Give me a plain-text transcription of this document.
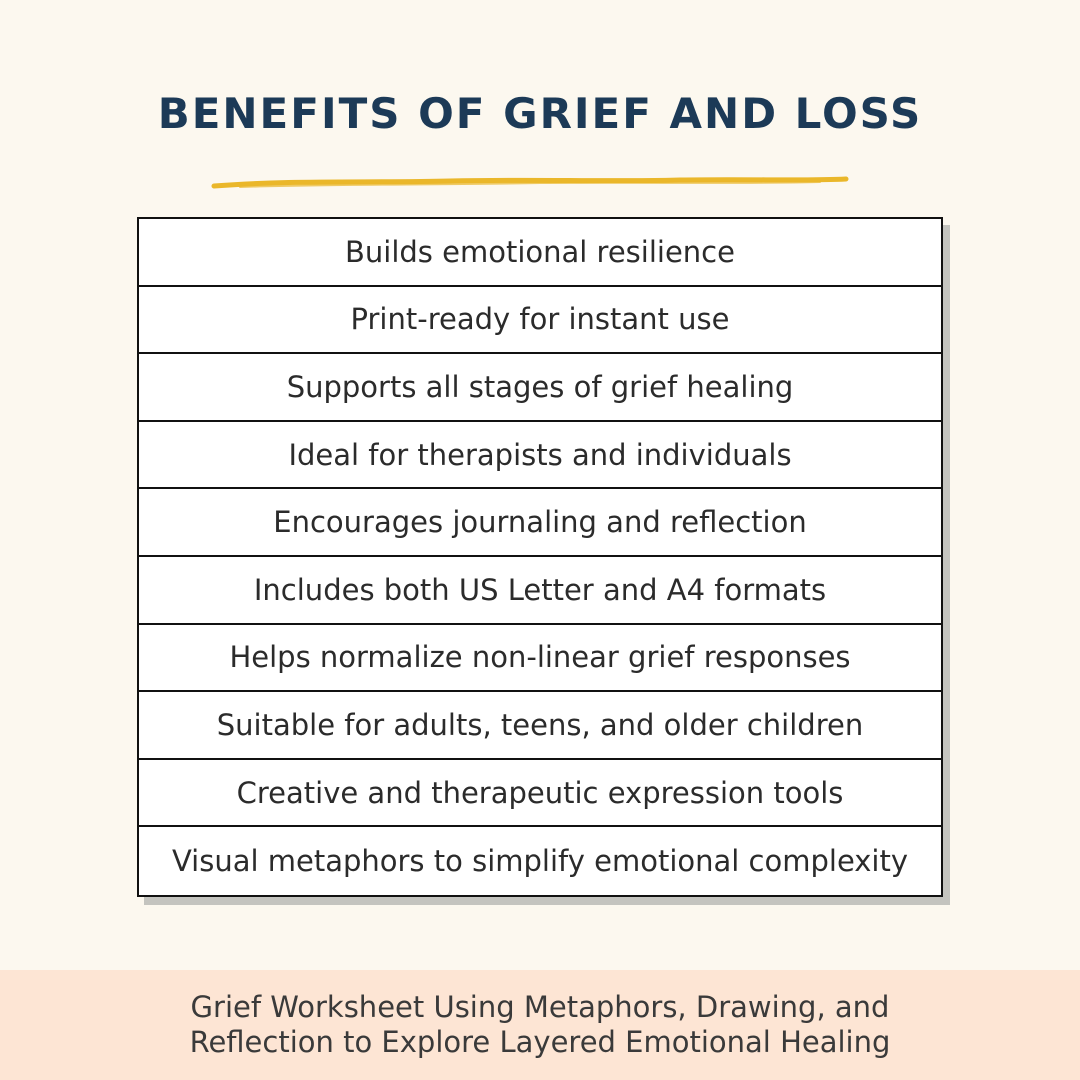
BENEFITS OF GRIEF AND LOSS
Builds emotional resilience
Print-ready for instant use
Supports all stages of grief healing
Ideal for therapists and individuals
Encourages journaling and reflection
Includes both US Letter and A4 formats
Helps normalize non-linear grief responses
Suitable for adults, teens, and older children
Creative and therapeutic expression tools
Visual metaphors to simplify emotional complexity
Grief Worksheet Using Metaphors, Drawing, and
Reflection to Explore Layered Emotional Healing
